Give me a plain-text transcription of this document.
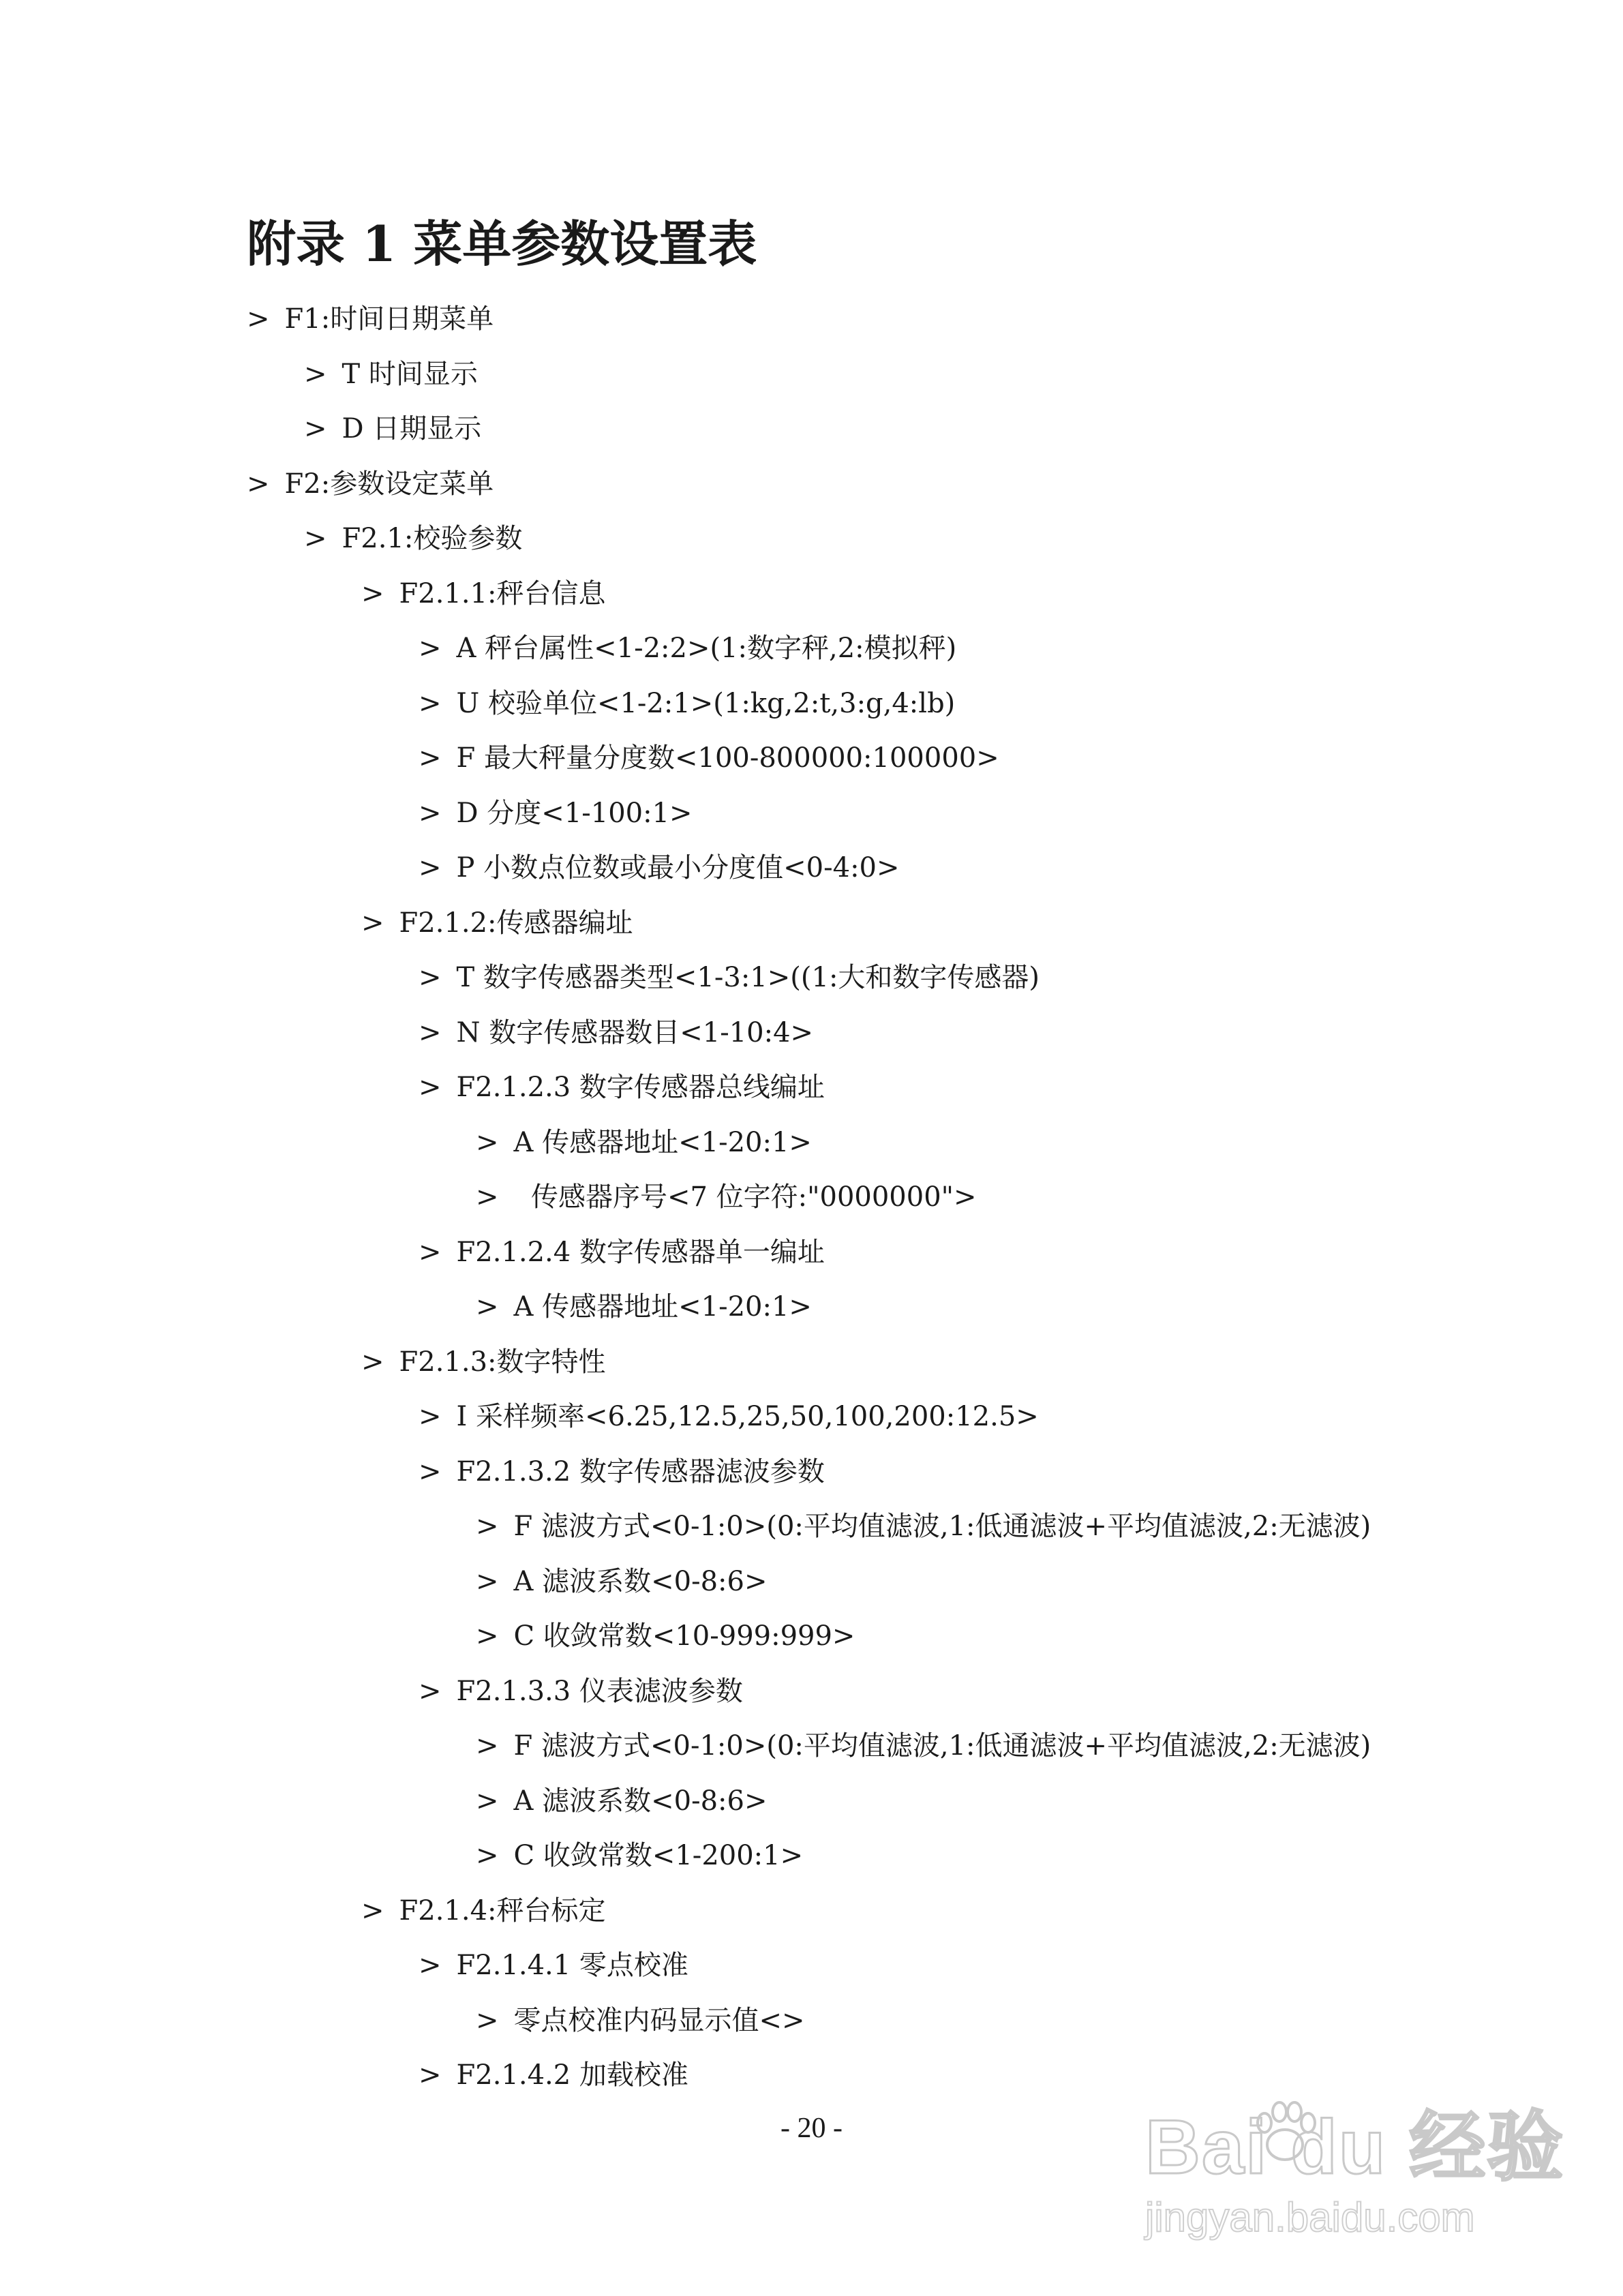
附录 1 菜单参数设置表
> F1:时间日期菜单
> T 时间显示
> D 日期显示
> F2:参数设定菜单
> F2.1:校验参数
> F2.1.1:秤台信息
> A 秤台属性<1-2:2>(1:数字秤,2:模拟秤)
> U 校验单位<1-2:1>(1:kg,2:t,3:g,4:lb)
> F 最大秤量分度数<100-800000:100000>
> D 分度<1-100:1>
> P 小数点位数或最小分度值<0-4:0>
> F2.1.2:传感器编址
> T 数字传感器类型<1-3:1>((1:大和数字传感器)
> N 数字传感器数目<1-10:4>
> F2.1.2.3 数字传感器总线编址
> A 传感器地址<1-20:1>
>  传感器序号<7 位字符:"0000000">
> F2.1.2.4 数字传感器单一编址
> A 传感器地址<1-20:1>
> F2.1.3:数字特性
> I 采样频率<6.25,12.5,25,50,100,200:12.5>
> F2.1.3.2 数字传感器滤波参数
> F 滤波方式<0-1:0>(0:平均值滤波,1:低通滤波+平均值滤波,2:无滤波)
> A 滤波系数<0-8:6>
> C 收敛常数<10-999:999>
> F2.1.3.3 仪表滤波参数
> F 滤波方式<0-1:0>(0:平均值滤波,1:低通滤波+平均值滤波,2:无滤波)
> A 滤波系数<0-8:6>
> C 收敛常数<1-200:1>
> F2.1.4:秤台标定
> F2.1.4.1 零点校准
> 零点校准内码显示值<>
> F2.1.4.2 加载校准
- 20 -	Bai du 经验
jingyan.baidu.com
